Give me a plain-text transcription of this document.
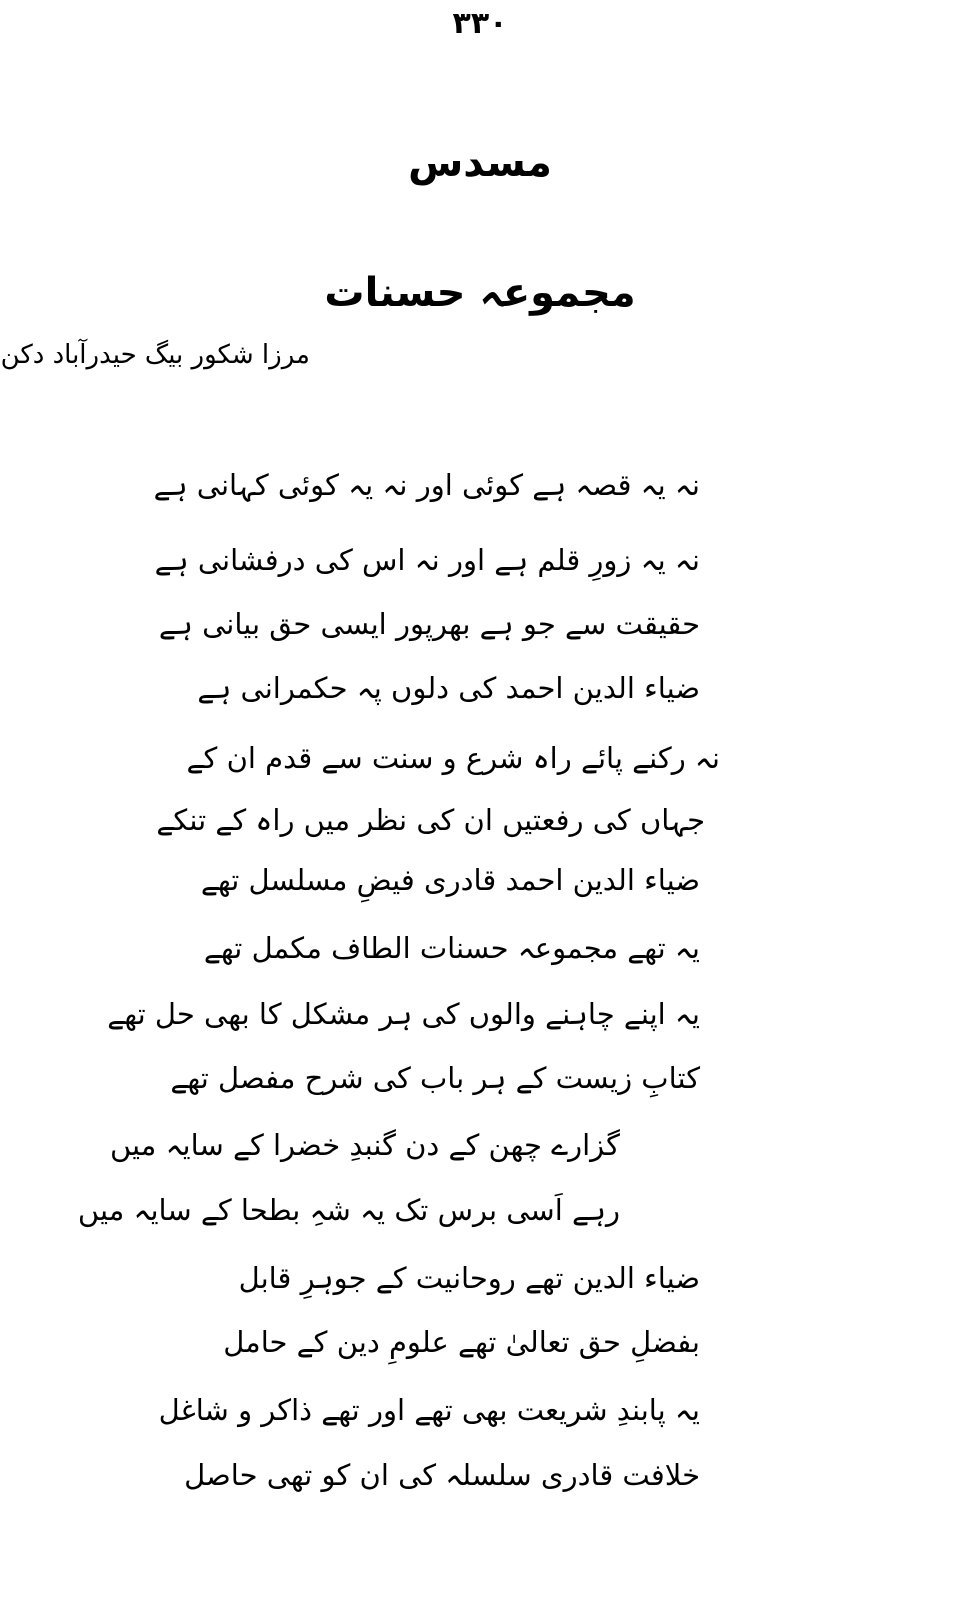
۳۳۰
مسدس
مجموعہ حسنات
مرزا شکور بیگ حیدرآباد دکن
نہ یہ قصہ ہے کوئی اور نہ یہ کوئی کہانی ہے
نہ یہ زورِ قلم ہے اور نہ اس کی درفشانی ہے
حقیقت سے جو ہے بھرپور ایسی حق بیانی ہے
ضیاء الدین احمد کی دلوں پہ حکمرانی ہے
نہ رکنے پائے راہ شرع و سنت سے قدم ان کے
جہاں کی رفعتیں ان کی نظر میں راہ کے تنکے
ضیاء الدین احمد قادری فیضِ مسلسل تھے
یہ تھے مجموعہ حسنات الطاف مکمل تھے
یہ اپنے چاہنے والوں کی ہر مشکل کا بھی حل تھے
کتابِ زیست کے ہر باب کی شرح مفصل تھے
گزارے چھن کے دن گنبدِ خضرا کے سایہ میں
رہے اَسی برس تک یہ شہِ بطحا کے سایہ میں
ضیاء الدین تھے روحانیت کے جوہرِ قابل
بفضلِ حق تعالیٰ تھے علومِ دین کے حامل
یہ پابندِ شریعت بھی تھے اور تھے ذاکر و شاغل
خلافت قادری سلسلہ کی ان کو تھی حاصل
